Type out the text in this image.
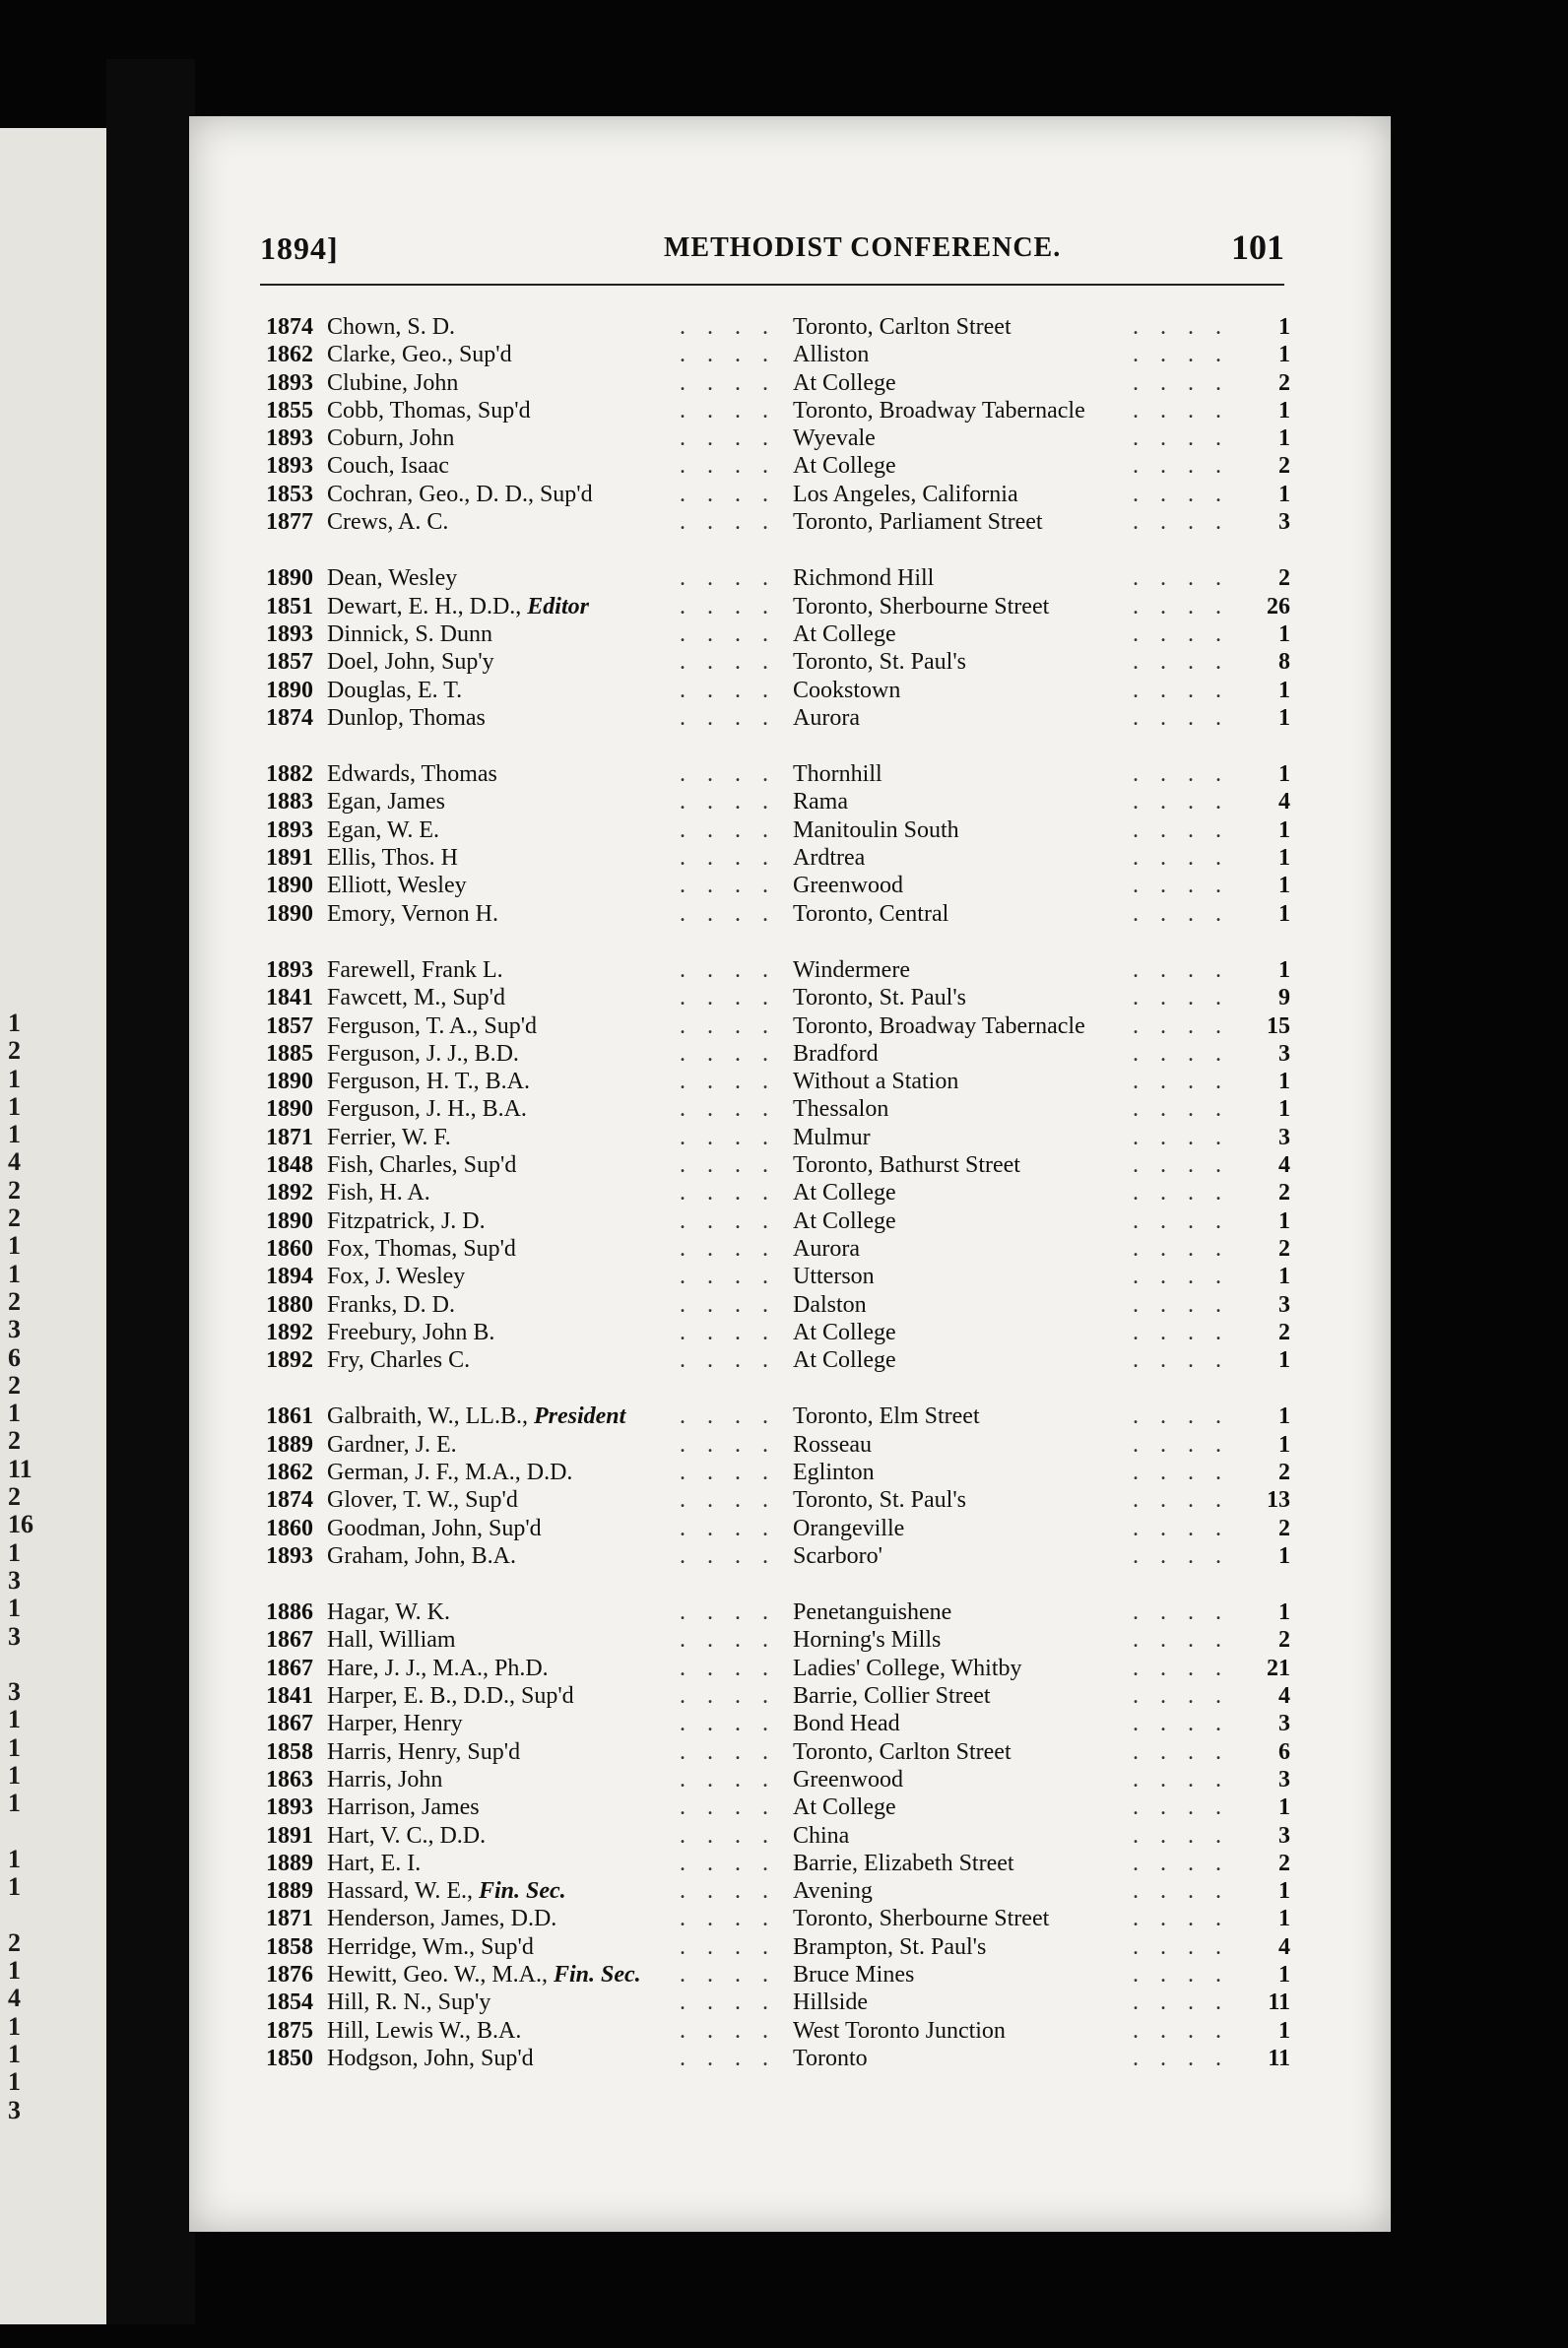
1
2
1
1
1
4
2
2
1
1
2
3
6
2
1
2
11
2
16
1
3
1
3
3
1
1
1
1
1
1
2
1
4
1
1
1
3
1894]	METHODIST CONFERENCE.	101
1874 Chown, S. D.	. . . . Toronto, Carlton Street	. . . .	1
1862 Clarke, Geo., Sup'd	. . . . Alliston	. . . .	1
1893 Clubine, John	. . . . At College	. . . .	2
1855 Cobb, Thomas, Sup'd	. . . . Toronto, Broadway Tabernacle . . . .	1
1893 Coburn, John	. . . . Wyevale	. . . .	1
1893 Couch, Isaac	. . . . At College	. . . .	2
1853 Cochran, Geo., D. D., Sup'd	. . . . Los Angeles, California	. . . .	1
1877 Crews, A. C.	. . . . Toronto, Parliament Street	. . . .	3
1890 Dean, Wesley	. . . . Richmond Hill	. . . .	2
1851 Dewart, E. H., D.D., Editor	. . . . Toronto, Sherbourne Street	. . . .	26
1893 Dinnick, S. Dunn	. . . . At College	. . . .	1
1857 Doel, John, Sup'y	. . . . Toronto, St. Paul's	. . . .	8
1890 Douglas, E. T.	. . . . Cookstown	. . . .	1
1874 Dunlop, Thomas	. . . . Aurora	. . . .	1
1882 Edwards, Thomas	. . . . Thornhill	. . . .	1
1883 Egan, James	. . . . Rama	. . . .	4
1893 Egan, W. E.	. . . . Manitoulin South	. . . .	1
1891 Ellis, Thos. H	. . . . Ardtrea	. . . .	1
1890 Elliott, Wesley	. . . . Greenwood	. . . .	1
1890 Emory, Vernon H.	. . . . Toronto, Central	. . . .	1
1893 Farewell, Frank L.	. . . . Windermere	. . . .	1
1841 Fawcett, M., Sup'd	. . . . Toronto, St. Paul's	. . . .	9
1857 Ferguson, T. A., Sup'd	. . . . Toronto, Broadway Tabernacle . . . .	15
1885 Ferguson, J. J., B.D.	. . . . Bradford	. . . .	3
1890 Ferguson, H. T., B.A.	. . . . Without a Station	. . . .	1
1890 Ferguson, J. H., B.A.	. . . . Thessalon	. . . .	1
1871 Ferrier, W. F.	. . . . Mulmur	. . . .	3
1848 Fish, Charles, Sup'd	. . . . Toronto, Bathurst Street	. . . .	4
1892 Fish, H. A.	. . . . At College	. . . .	2
1890 Fitzpatrick, J. D.	. . . . At College	. . . .	1
1860 Fox, Thomas, Sup'd	. . . . Aurora	. . . .	2
1894 Fox, J. Wesley	. . . . Utterson	. . . .	1
1880 Franks, D. D.	. . . . Dalston	. . . .	3
1892 Freebury, John B.	. . . . At College	. . . .	2
1892 Fry, Charles C.	. . . . At College	. . . .	1
1861 Galbraith, W., LL.B., President . . . . Toronto, Elm Street	. . . .	1
1889 Gardner, J. E.	. . . . Rosseau	. . . .	1
1862 German, J. F., M.A., D.D.	. . . . Eglinton	. . . .	2
1874 Glover, T. W., Sup'd	. . . . Toronto, St. Paul's	. . . .	13
1860 Goodman, John, Sup'd	. . . . Orangeville	. . . .	2
1893 Graham, John, B.A.	. . . . Scarboro'	. . . .	1
1886 Hagar, W. K.	. . . . Penetanguishene	. . . .	1
1867 Hall, William	. . . . Horning's Mills	. . . .	2
1867 Hare, J. J., M.A., Ph.D.	. . . . Ladies' College, Whitby	. . . .	21
1841 Harper, E. B., D.D., Sup'd	. . . . Barrie, Collier Street	. . . .	4
1867 Harper, Henry	. . . . Bond Head	. . . .	3
1858 Harris, Henry, Sup'd	. . . . Toronto, Carlton Street	. . . .	6
1863 Harris, John	. . . . Greenwood	. . . .	3
1893 Harrison, James	. . . . At College	. . . .	1
1891 Hart, V. C., D.D.	. . . . China	. . . .	3
1889 Hart, E. I.	. . . . Barrie, Elizabeth Street	. . . .	2
1889 Hassard, W. E., Fin. Sec.	. . . . Avening	. . . .	1
1871 Henderson, James, D.D.	. . . . Toronto, Sherbourne Street	. . . .	1
1858 Herridge, Wm., Sup'd	. . . . Brampton, St. Paul's	. . . .	4
1876 Hewitt, Geo. W., M.A., Fin. Sec. . . . . Bruce Mines	. . . .	1
1854 Hill, R. N., Sup'y	. . . . Hillside	. . . .	11
1875 Hill, Lewis W., B.A.	. . . . West Toronto Junction	. . . .	1
1850 Hodgson, John, Sup'd	. . . . Toronto	. . . .	11
